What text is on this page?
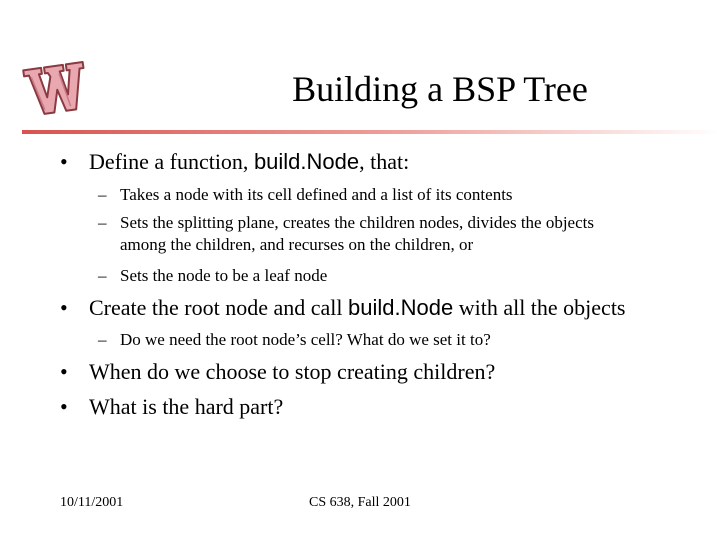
Building a BSP Tree
• Define a function, build.Node, that:
– Takes a node with its cell defined and a list of its contents
– Sets the splitting plane, creates the children nodes, divides the objects among the children, and recurses on the children, or
– Sets the node to be a leaf node
• Create the root node and call build.Node with all the objects
– Do we need the root node’s cell? What do we set it to?
• When do we choose to stop creating children?
• What is the hard part?
10/11/2001	CS 638, Fall 2001
